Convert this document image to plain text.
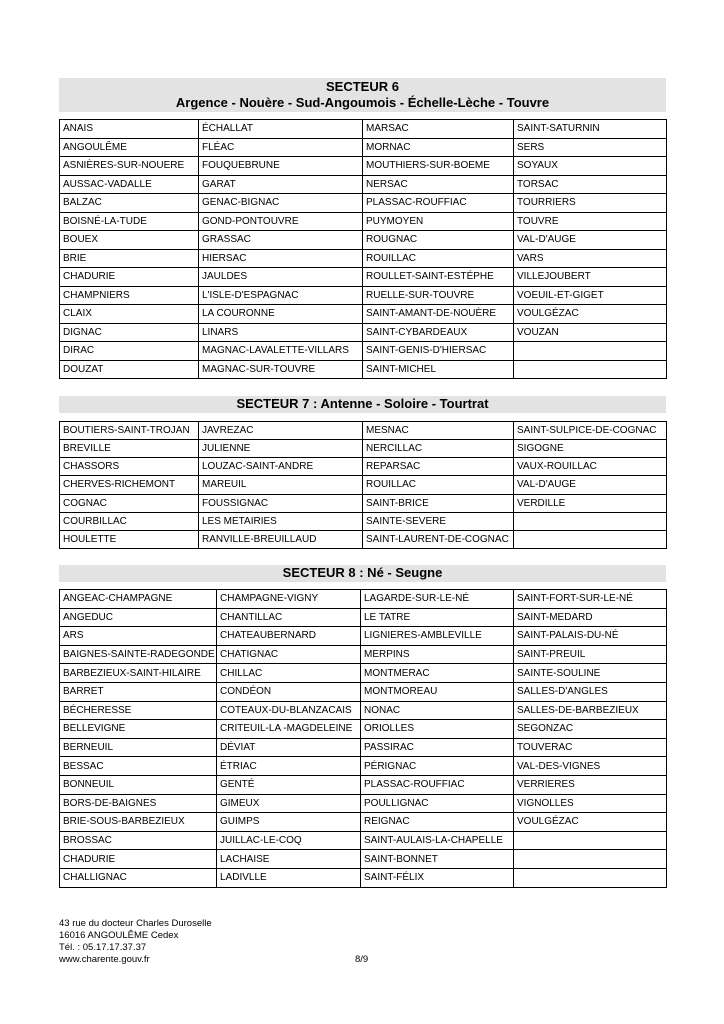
SECTEUR 6
Argence - Nouère - Sud-Angoumois - Échelle-Lèche - Touvre
ANAIS	ÉCHALLAT	MARSAC	SAINT-SATURNIN
ANGOULÊME	FLÉAC	MORNAC	SERS
ASNIÈRES-SUR-NOUERE	FOUQUEBRUNE	MOUTHIERS-SUR-BOEME	SOYAUX
AUSSAC-VADALLE	GARAT	NERSAC	TORSAC
BALZAC	GENAC-BIGNAC	PLASSAC-ROUFFIAC	TOURRIERS
BOISNÉ-LA-TUDE	GOND-PONTOUVRE	PUYMOYEN	TOUVRE
BOUEX	GRASSAC	ROUGNAC	VAL-D'AUGE
BRIE	HIERSAC	ROUILLAC	VARS
CHADURIE	JAULDES	ROULLET-SAINT-ESTÉPHE	VILLEJOUBERT
CHAMPNIERS	L'ISLE-D'ESPAGNAC	RUELLE-SUR-TOUVRE	VOEUIL-ET-GIGET
CLAIX	LA COURONNE	SAINT-AMANT-DE-NOUÈRE	VOULGÉZAC
DIGNAC	LINARS	SAINT-CYBARDEAUX	VOUZAN
DIRAC	MAGNAC-LAVALETTE-VILLARS	SAINT-GENIS-D'HIERSAC	
DOUZAT	MAGNAC-SUR-TOUVRE	SAINT-MICHEL	
SECTEUR 7 : Antenne - Soloire - Tourtrat
BOUTIERS-SAINT-TROJAN	JAVREZAC	MESNAC	SAINT-SULPICE-DE-COGNAC
BREVILLE	JULIENNE	NERCILLAC	SIGOGNE
CHASSORS	LOUZAC-SAINT-ANDRE	REPARSAC	VAUX-ROUILLAC
CHERVES-RICHEMONT	MAREUIL	ROUILLAC	VAL-D'AUGE
COGNAC	FOUSSIGNAC	SAINT-BRICE	VERDILLE
COURBILLAC	LES METAIRIES	SAINTE-SEVERE	
HOULETTE	RANVILLE-BREUILLAUD	SAINT-LAURENT-DE-COGNAC	
SECTEUR 8 : Né - Seugne
ANGEAC-CHAMPAGNE	CHAMPAGNE-VIGNY	LAGARDE-SUR-LE-NÉ	SAINT-FORT-SUR-LE-NÉ
ANGEDUC	CHANTILLAC	LE TATRE	SAINT-MEDARD
ARS	CHATEAUBERNARD	LIGNIERES-AMBLEVILLE	SAINT-PALAIS-DU-NÉ
BAIGNES-SAINTE-RADEGONDE	CHATIGNAC	MERPINS	SAINT-PREUIL
BARBEZIEUX-SAINT-HILAIRE	CHILLAC	MONTMERAC	SAINTE-SOULINE
BARRET	CONDÉON	MONTMOREAU	SALLES-D'ANGLES
BÉCHERESSE	COTEAUX-DU-BLANZACAIS	NONAC	SALLES-DE-BARBEZIEUX
BELLEVIGNE	CRITEUIL-LA -MAGDELEINE	ORIOLLES	SEGONZAC
BERNEUIL	DÉVIAT	PASSIRAC	TOUVERAC
BESSAC	ÉTRIAC	PÉRIGNAC	VAL-DES-VIGNES
BONNEUIL	GENTÉ	PLASSAC-ROUFFIAC	VERRIERES
BORS-DE-BAIGNES	GIMEUX	POULLIGNAC	VIGNOLLES
BRIE-SOUS-BARBEZIEUX	GUIMPS	REIGNAC	VOULGÉZAC
BROSSAC	JUILLAC-LE-COQ	SAINT-AULAIS-LA-CHAPELLE	
CHADURIE	LACHAISE	SAINT-BONNET	
CHALLIGNAC	LADIVLLE	SAINT-FÉLIX	
43 rue du docteur Charles Duroselle
16016 ANGOULÊME Cedex
Tél. : 05.17.17.37.37
www.charente.gouv.fr	8/9
